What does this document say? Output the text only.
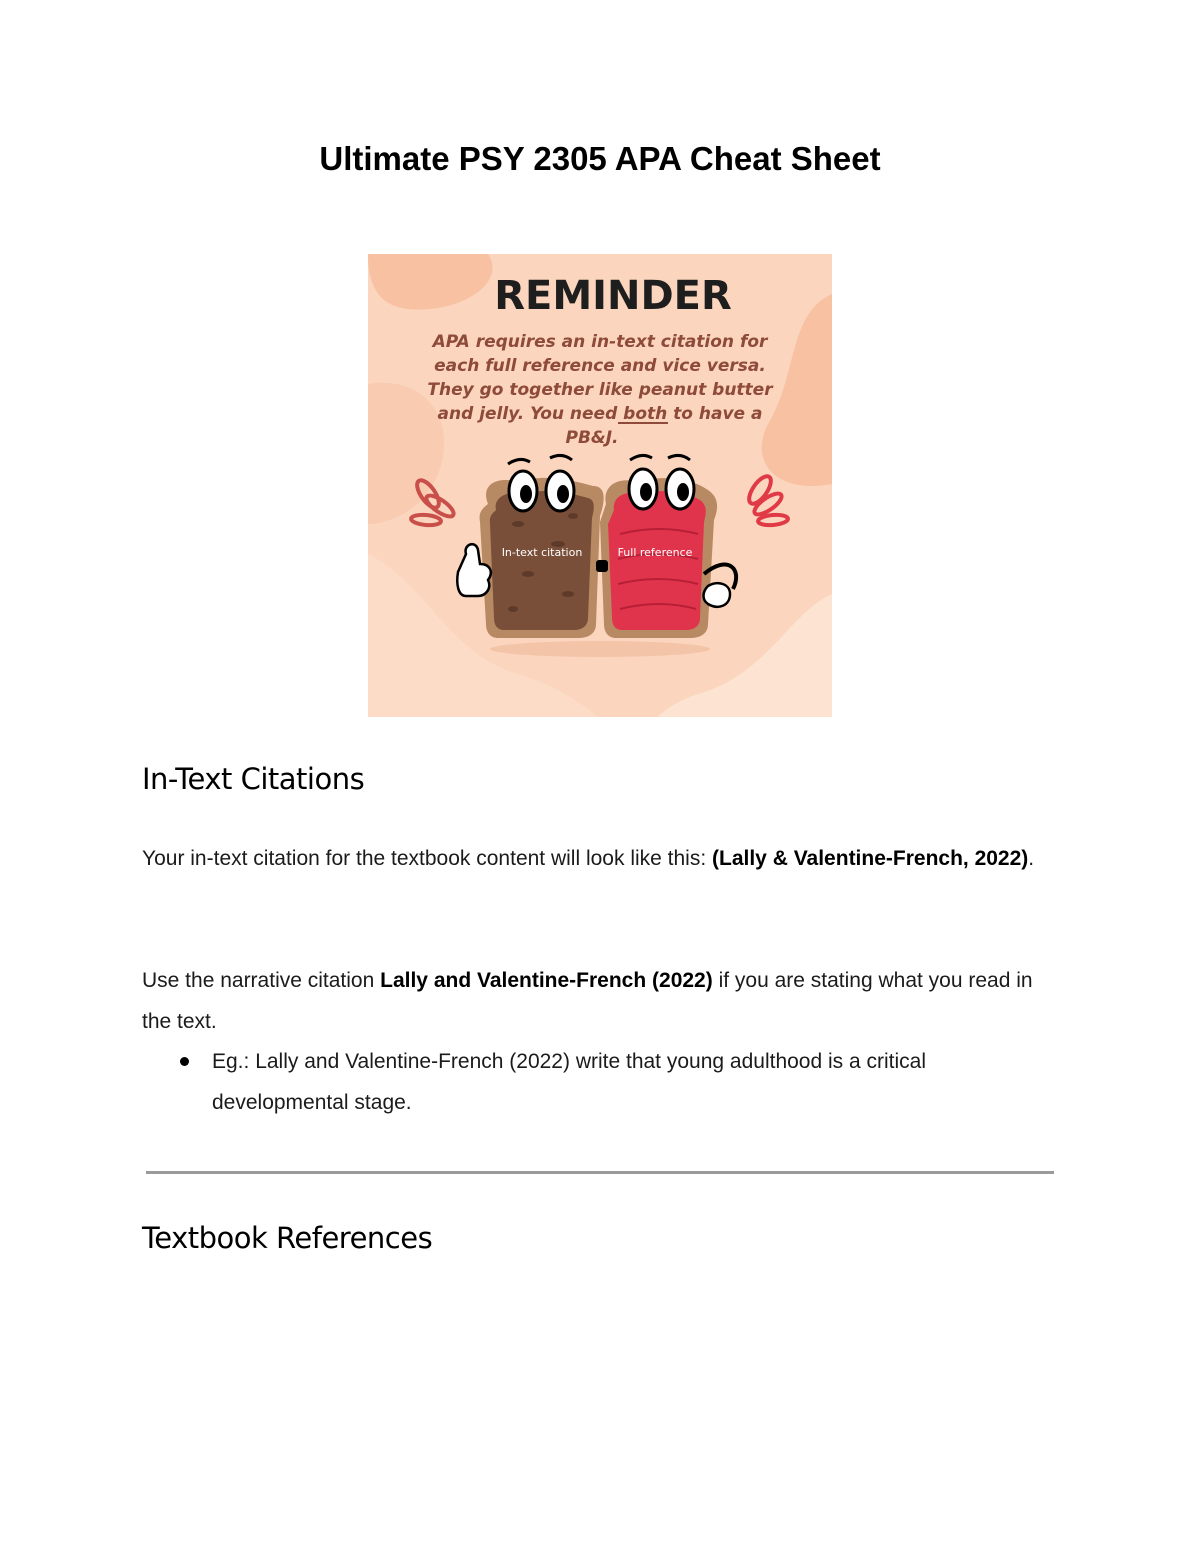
Ultimate PSY 2305 APA Cheat Sheet
REMINDER
APA requires an in-text citation for
each full reference and vice versa.
They go together like peanut butter
and jelly. You need both to have a
PB&J.
In-text citation	Full reference
In-Text Citations

Your in-text citation for the textbook content will look like this: (Lally & Valentine-French, 2022).

Use the narrative citation Lally and Valentine-French (2022) if you are stating what you read in the text.

Eg.: Lally and Valentine-French (2022) write that young adulthood is a critical developmental stage.
Textbook References
